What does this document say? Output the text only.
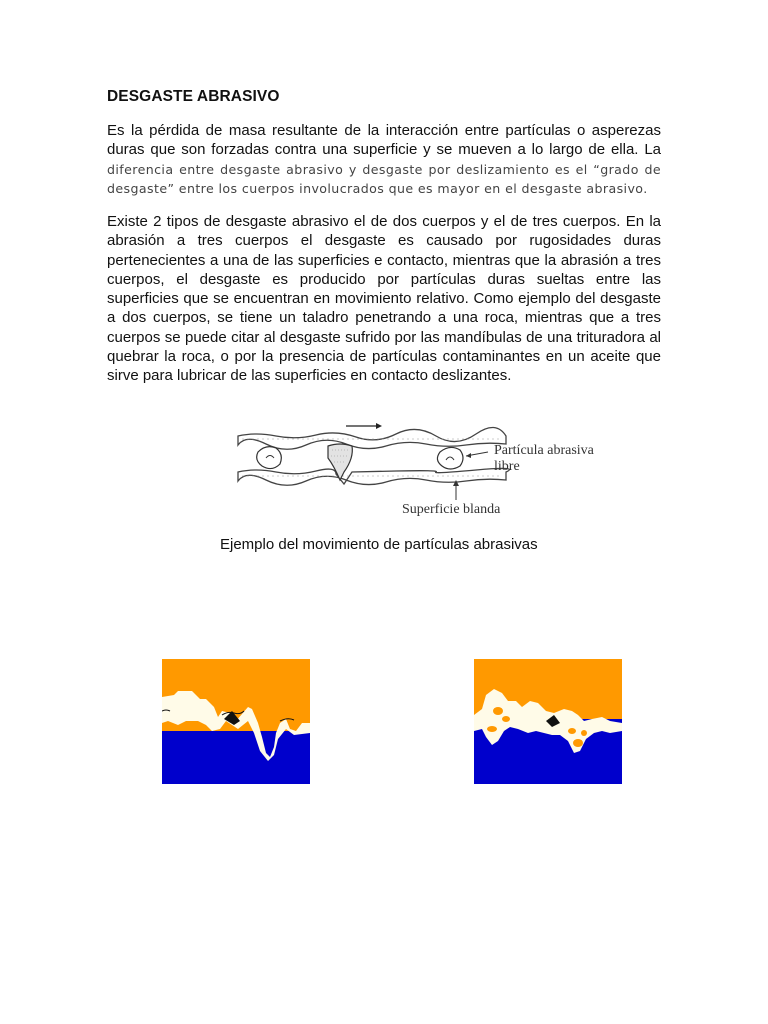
DESGASTE ABRASIVO
Es la pérdida de masa resultante de la interacción entre partículas o asperezas duras que son forzadas contra una superficie y se mueven a lo largo de ella. La diferencia entre desgaste abrasivo y desgaste por deslizamiento es el “grado de desgaste” entre los cuerpos involucrados que es mayor en el desgaste abrasivo.
Existe 2 tipos de desgaste abrasivo el de dos cuerpos y el de tres cuerpos. En la abrasión a tres cuerpos el desgaste es causado por rugosidades duras pertenecientes a una de las superficies e contacto, mientras que la abrasión a tres cuerpos, el desgaste es producido por partículas duras sueltas entre las superficies que se encuentran en movimiento relativo. Como ejemplo del desgaste a dos cuerpos, se tiene un taladro penetrando a una roca, mientras que a tres cuerpos se puede citar al desgaste sufrido por las mandíbulas de una trituradora al quebrar la roca, o por la presencia de partículas contaminantes en un aceite que sirve para lubricar de las superficies en contacto deslizantes.
Partícula abrasiva
libre
Superficie blanda
Ejemplo del movimiento de partículas abrasivas
